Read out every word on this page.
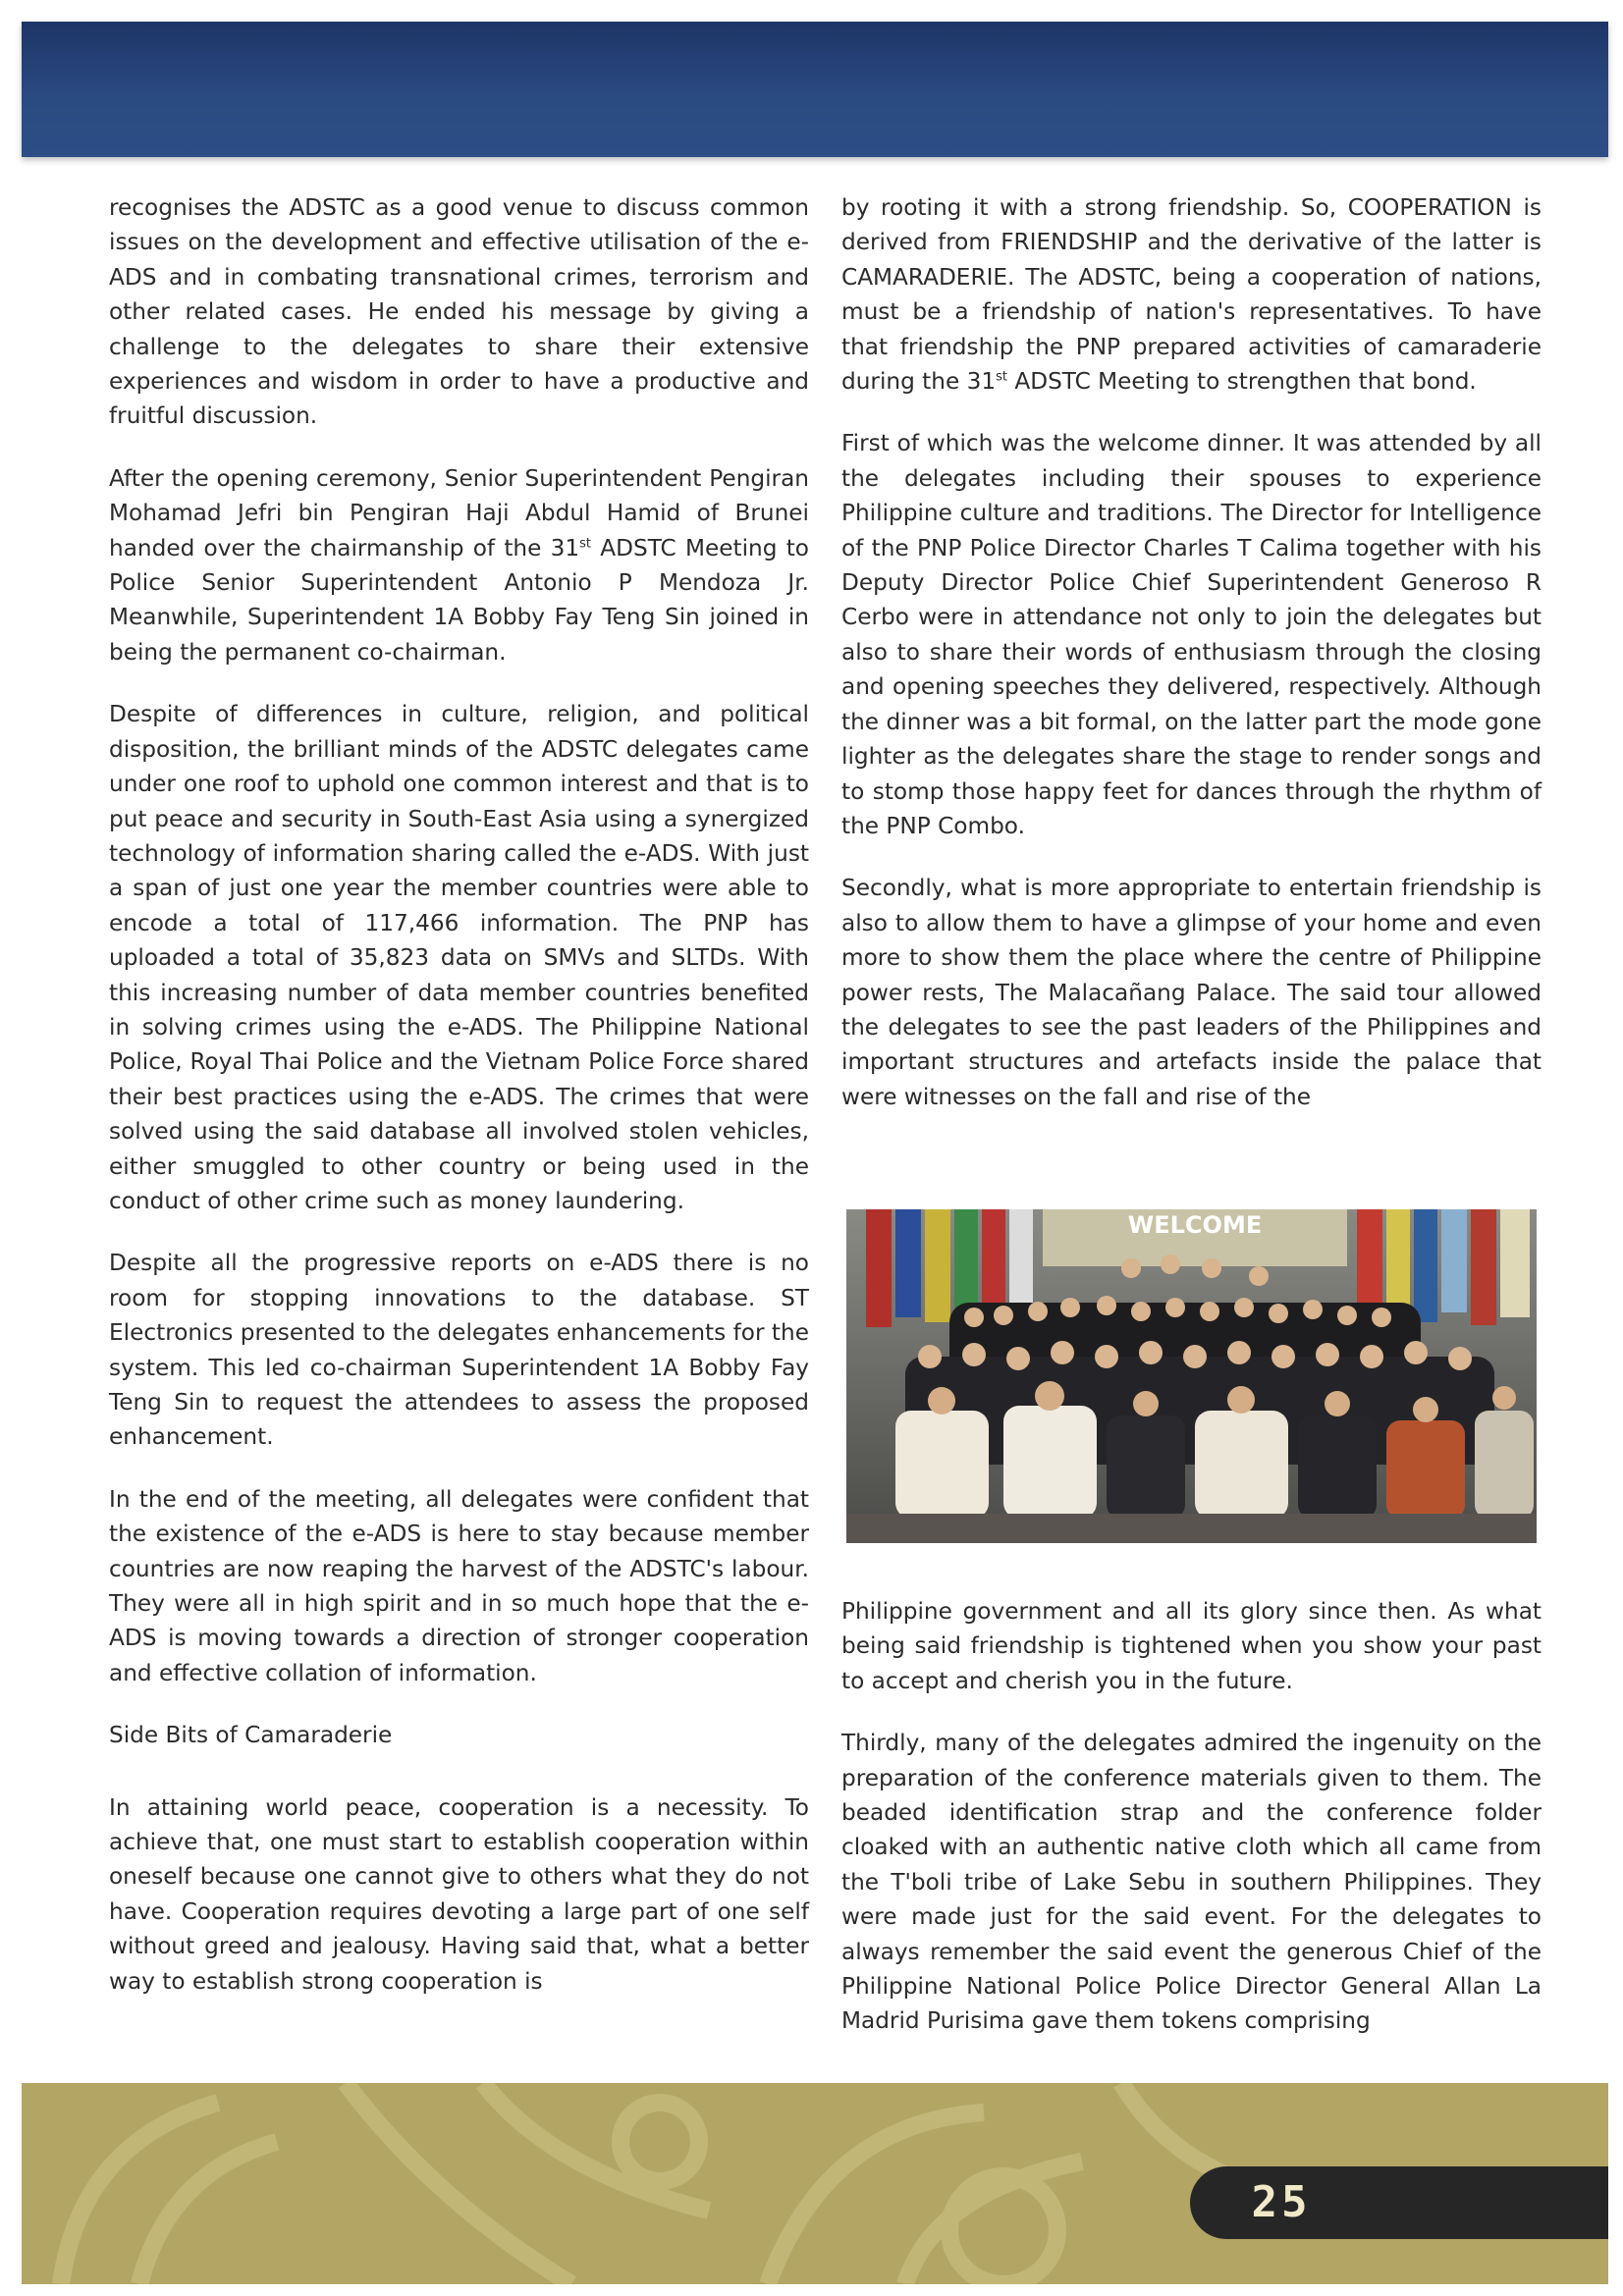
recognises the ADSTC as a good venue to discuss common issues on the development and effective utilisation of the e-ADS and in combating transnational crimes, terrorism and other related cases. He ended his message by giving a challenge to the delegates to share their extensive experiences and wisdom in order to have a productive and fruitful discussion.

After the opening ceremony, Senior Superintendent Pengiran Mohamad Jefri bin Pengiran Haji Abdul Hamid of Brunei handed over the chairmanship of the 31st ADSTC Meeting to Police Senior Superintendent Antonio P Mendoza Jr. Meanwhile, Superintendent 1A Bobby Fay Teng Sin joined in being the permanent co-chairman.

Despite of differences in culture, religion, and political disposition, the brilliant minds of the ADSTC delegates came under one roof to uphold one common interest and that is to put peace and security in South-East Asia using a synergized technology of information sharing called the e-ADS. With just a span of just one year the member countries were able to encode a total of 117,466 information. The PNP has uploaded a total of 35,823 data on SMVs and SLTDs. With this increasing number of data member countries benefited in solving crimes using the e-ADS. The Philippine National Police, Royal Thai Police and the Vietnam Police Force shared their best practices using the e-ADS. The crimes that were solved using the said database all involved stolen vehicles, either smuggled to other country or being used in the conduct of other crime such as money laundering.

Despite all the progressive reports on e-ADS there is no room for stopping innovations to the database. ST Electronics presented to the delegates enhancements for the system. This led co-chairman Superintendent 1A Bobby Fay Teng Sin to request the attendees to assess the proposed enhancement.

In the end of the meeting, all delegates were confident that the existence of the e-ADS is here to stay because member countries are now reaping the harvest of the ADSTC's labour. They were all in high spirit and in so much hope that the e-ADS is moving towards a direction of stronger cooperation and effective collation of information.

Side Bits of Camaraderie

In attaining world peace, cooperation is a necessity. To achieve that, one must start to establish cooperation within oneself because one cannot give to others what they do not have. Cooperation requires devoting a large part of one self without greed and jealousy. Having said that, what a better way to establish strong cooperation is

by rooting it with a strong friendship. So, COOPERATION is derived from FRIENDSHIP and the derivative of the latter is CAMARADERIE. The ADSTC, being a cooperation of nations, must be a friendship of nation's representatives. To have that friendship the PNP prepared activities of camaraderie during the 31st ADSTC Meeting to strengthen that bond.

First of which was the welcome dinner. It was attended by all the delegates including their spouses to experience Philippine culture and traditions. The Director for Intelligence of the PNP Police Director Charles T Calima together with his Deputy Director Police Chief Superintendent Generoso R Cerbo were in attendance not only to join the delegates but also to share their words of enthusiasm through the closing and opening speeches they delivered, respectively. Although the dinner was a bit formal, on the latter part the mode gone lighter as the delegates share the stage to render songs and to stomp those happy feet for dances through the rhythm of the PNP Combo.

Secondly, what is more appropriate to entertain friendship is also to allow them to have a glimpse of your home and even more to show them the place where the centre of Philippine power rests, The Malacañang Palace. The said tour allowed the delegates to see the past leaders of the Philippines and important structures and artefacts inside the palace that were witnesses on the fall and rise of the

WELCOME

Philippine government and all its glory since then. As what being said friendship is tightened when you show your past to accept and cherish you in the future.

Thirdly, many of the delegates admired the ingenuity on the preparation of the conference materials given to them. The beaded identification strap and the conference folder cloaked with an authentic native cloth which all came from the T'boli tribe of Lake Sebu in southern Philippines. They were made just for the said event. For the delegates to always remember the said event the generous Chief of the Philippine National Police Police Director General Allan La Madrid Purisima gave them tokens comprising

25
